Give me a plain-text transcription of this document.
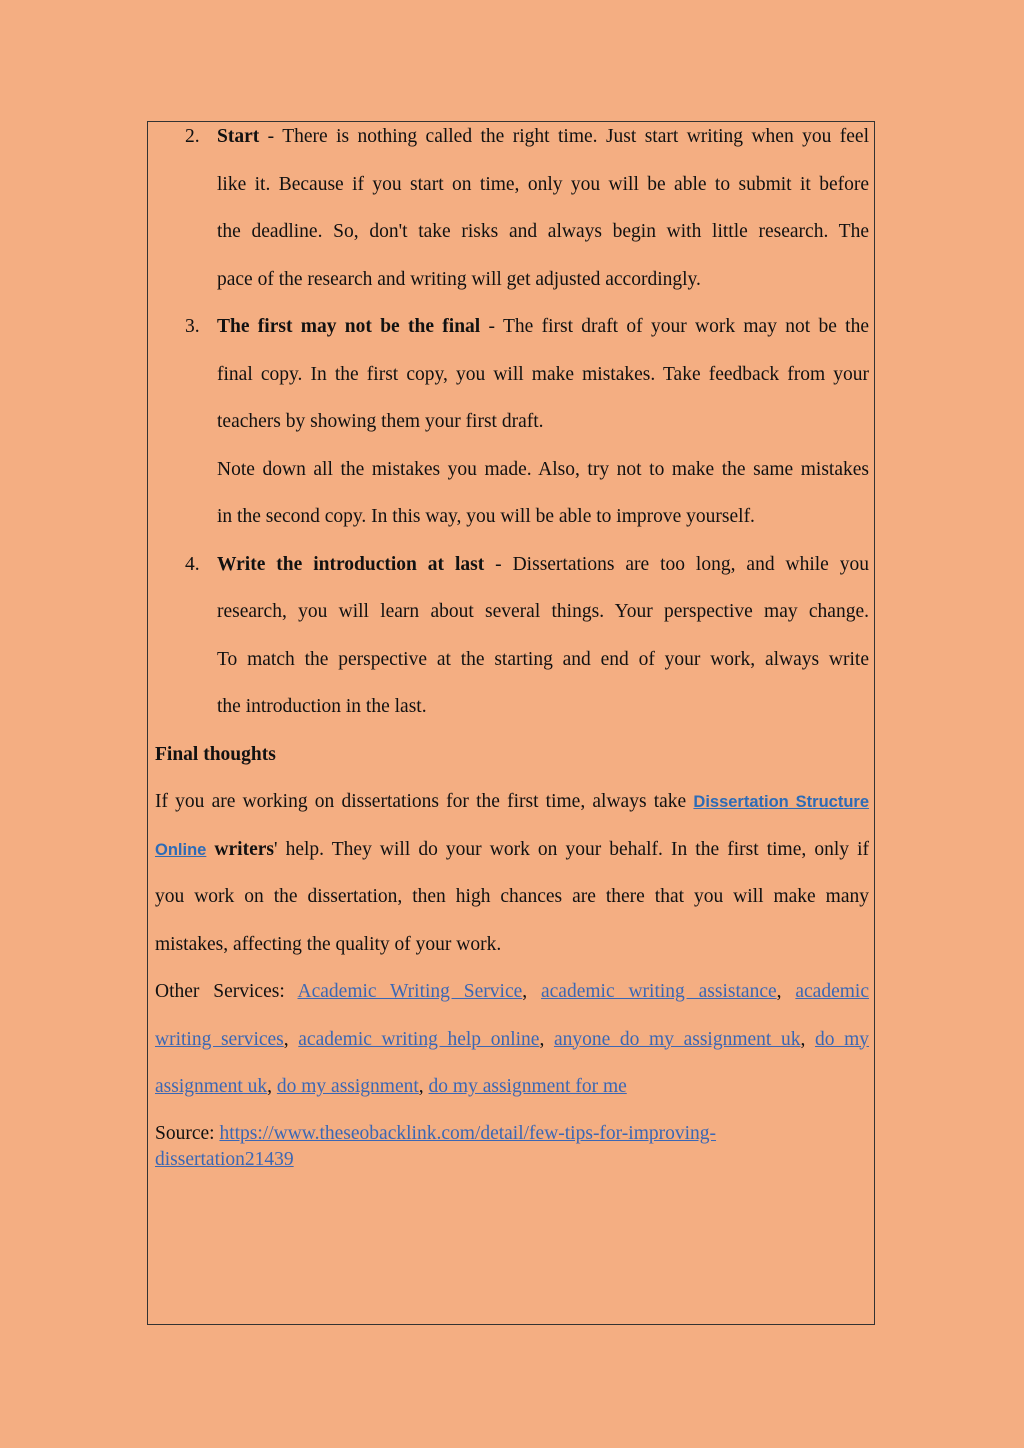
2. Start - There is nothing called the right time. Just start writing when you feel
like it. Because if you start on time, only you will be able to submit it before
the deadline. So, don't take risks and always begin with little research. The
pace of the research and writing will get adjusted accordingly.
3. The first may not be the final - The first draft of your work may not be the
final copy. In the first copy, you will make mistakes. Take feedback from your
teachers by showing them your first draft.
Note down all the mistakes you made. Also, try not to make the same mistakes
in the second copy. In this way, you will be able to improve yourself.
4. Write the introduction at last - Dissertations are too long, and while you
research, you will learn about several things. Your perspective may change.
To match the perspective at the starting and end of your work, always write
the introduction in the last.
Final thoughts
If you are working on dissertations for the first time, always take Dissertation Structure
Online writers' help. They will do your work on your behalf. In the first time, only if
you work on the dissertation, then high chances are there that you will make many
mistakes, affecting the quality of your work.
Other Services: Academic Writing Service, academic writing assistance, academic
writing services, academic writing help online, anyone do my assignment uk, do my
assignment uk, do my assignment, do my assignment for me
Source: https://www.theseobacklink.com/detail/few-tips-for-improving-
dissertation21439
